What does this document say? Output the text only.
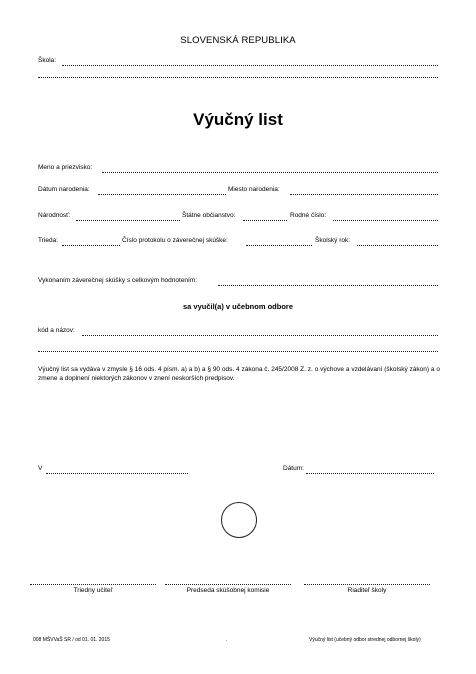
SLOVENSKÁ REPUBLIKA
Škola:
Výučný list
Meno a priezvisko:
Dátum narodenia:	Miesto narodenia:
Národnosť:	Štátne občianstvo:	Rodné číslo:
Trieda:	Číslo protokolu o záverečnej skúške:	Školský rok:
Vykonaním záverečnej skúšky s celkovým hodnotením:
sa vyučil(a) v učebnom odbore
kód a názov:
Výučný list sa vydáva v zmysle § 16 ods. 4 písm. a) a b) a § 90 ods. 4 zákona č. 245/2008 Z. z. o výchove a vzdelávaní (školský zákon) a o zmene a doplnení niektorých zákonov v znení neskorších predpisov.
V	Dátum:
Triedny učiteľ	Predseda skúšobnej komisie	Riaditeľ školy
008 MŠVVaŠ SR / od 01. 01. 2015	.	Výučný list (učebný odbor strednej odbornej školy)
